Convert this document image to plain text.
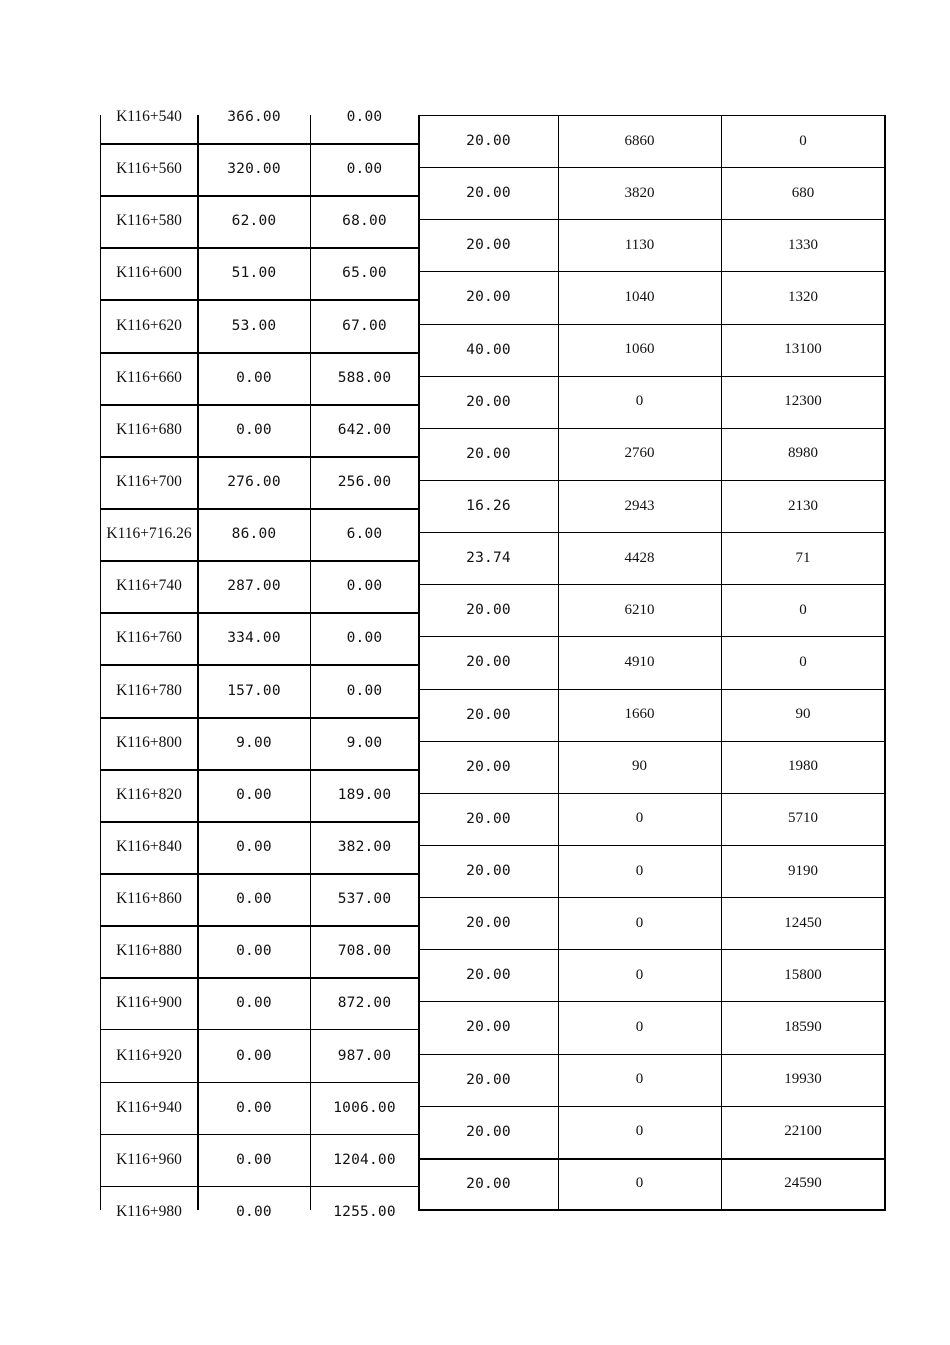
K116+540	366.00	0.00
K116+560	320.00	0.00
K116+580	62.00	68.00
K116+600	51.00	65.00
K116+620	53.00	67.00
K116+660	0.00	588.00
K116+680	0.00	642.00
K116+700	276.00	256.00
K116+716.26	86.00	6.00
K116+740	287.00	0.00
K116+760	334.00	0.00
K116+780	157.00	0.00
K116+800	9.00	9.00
K116+820	0.00	189.00
K116+840	0.00	382.00
K116+860	0.00	537.00
K116+880	0.00	708.00
K116+900	0.00	872.00
K116+920	0.00	987.00
K116+940	0.00	1006.00
K116+960	0.00	1204.00
K116+980	0.00	1255.00
20.00	6860	0
20.00	3820	680
20.00	1130	1330
20.00	1040	1320
40.00	1060	13100
20.00	0	12300
20.00	2760	8980
16.26	2943	2130
23.74	4428	71
20.00	6210	0
20.00	4910	0
20.00	1660	90
20.00	90	1980
20.00	0	5710
20.00	0	9190
20.00	0	12450
20.00	0	15800
20.00	0	18590
20.00	0	19930
20.00	0	22100
20.00	0	24590
